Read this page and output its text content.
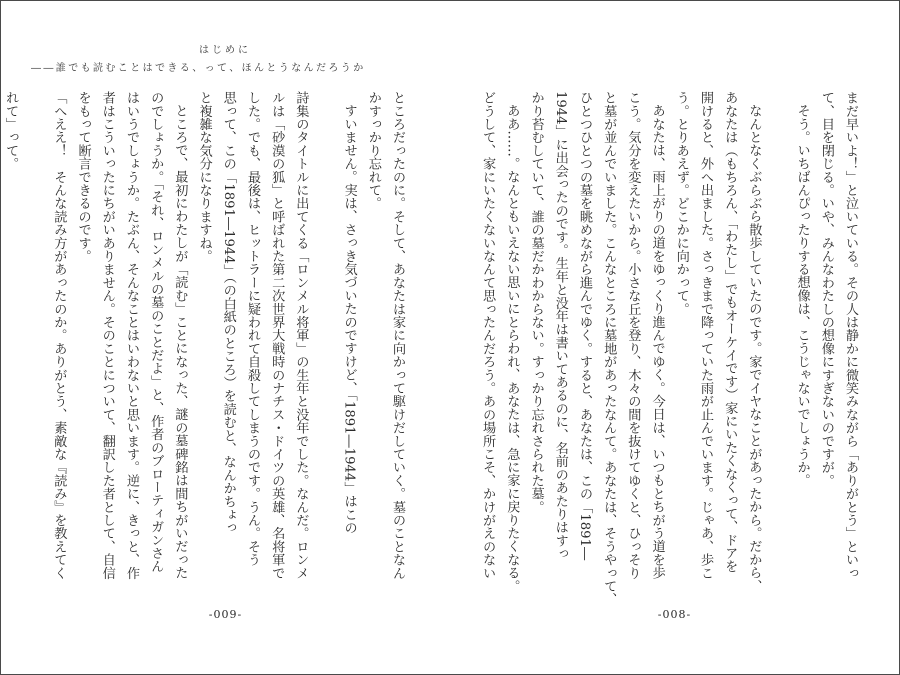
はじめに
――誰でも読むことはできる、って、ほんとうなんだろうか

ところだったのに。そして、あなたは家に向かって駆けだしていく。墓のことなん

かすっかり忘れて。

すいません。実は、さっき気づいたのですけど、「1891―1944」はこの

詩集のタイトルに出てくる「ロンメル将軍」の生年と没年でした。なんだ。ロンメ

ルは「砂漠の狐」と呼ばれた第二次世界大戦時のナチス・ドイツの英雄、名将軍で

した。でも、最後は、ヒットラーに疑われて自殺してしまうのです。うん。そう

思って、この「1891―1944」（の白紙のところ）を読むと、なんかちょっ

と複雑な気分になりますね。

ところで、最初にわたしが「読む」ことになった、謎の墓碑銘は間ちがいだった

のでしょうか。「それ、ロンメルの墓のことだよ」と、作者のブローティガンさん

はいうでしょうか。たぶん、そんなことはいわないと思います。逆に、きっと、作

者はこういったにちがいありません。そのことについて、翻訳した者として、自信

をもって断言できるのです。

「へええ！　そんな読み方があったのか。ありがとう、素敵な『読み』を教えてく

れて」って。

-009-

まだ早いよ！」と泣いている。その人は静かに微笑みながら「ありがとう」といっ

て、目を閉じる。いや、みんなわたしの想像にすぎないのですが。

そう。いちばんぴったりする想像は、こうじゃないでしょうか。

なんとなくぶらぶら散歩していたのです。家でイヤなことがあったから。だから、

あなたは（もちろん、「わたし」でもオーケイです）家にいたくなくって、ドアを

開けると、外へ出ました。さっきまで降っていた雨が止んでいます。じゃあ、歩こ

う。とりあえず。どこかに向かって。

あなたは、雨上がりの道をゆっくり進んでゆく。今日は、いつもとちがう道を歩

こう。気分を変えたいから。小さな丘を登り、木々の間を抜けてゆくと、ひっそり

と墓が並んでいました。こんなところに墓地があったなんて。あなたは、そうやって、

ひとつひとつの墓を眺めながら進んでゆく。すると、あなたは、この「1891―

1944」に出会ったのです。生年と没年は書いてあるのに、名前のあたりはすっ

かり苔むしていて、誰の墓だかわからない。すっかり忘れさられた墓。

ああ……。なんともいえない思いにとらわれ、あなたは、急に家に戻りたくなる。

どうして、家にいたくないなんて思ったんだろう。あの場所こそ、かけがえのない

-008-
